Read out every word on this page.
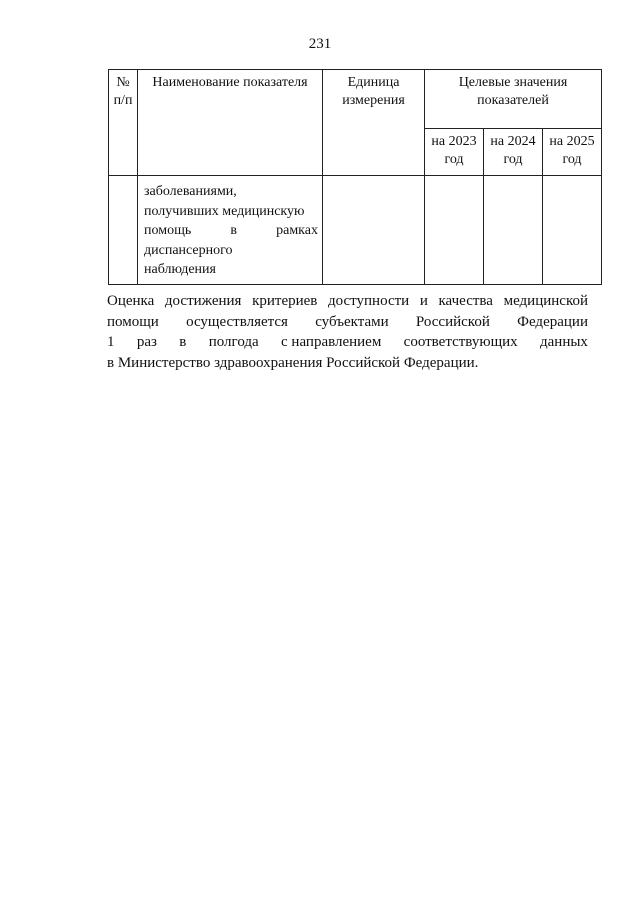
231
№ п/п	Наименование показателя	Единица измерения	Целевые значения показателей		
			на 2023 год	на 2024 год	на 2025 год

	заболеваниями,
получивших медицинскую
помощь в рамках
диспансерного
наблюдения				

Оценка достижения критериев доступности и качества медицинской
помощи осуществляется субъектами Российской Федерации
1 раз в полгода с направлением соответствующих данных
в Министерство здравоохранения Российской Федерации.
